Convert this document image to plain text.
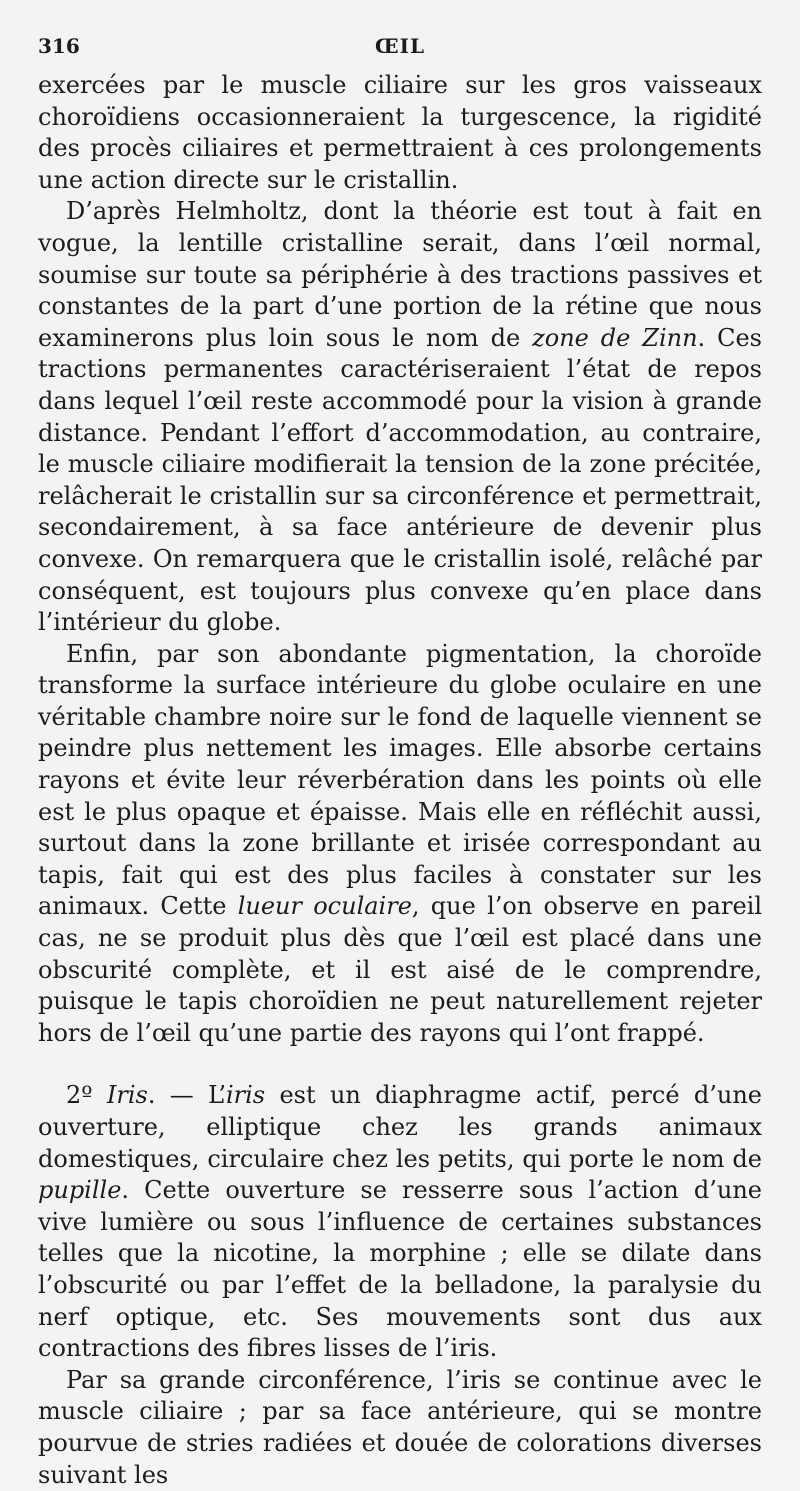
316	ŒIL

exercées par le muscle ciliaire sur les gros vaisseaux choroïdiens occasionneraient la turgescence, la rigidité des procès ciliaires et permettraient à ces prolongements une action directe sur le cristallin.

D’après Helmholtz, dont la théorie est tout à fait en vogue, la lentille cristalline serait, dans l’œil normal, soumise sur toute sa périphérie à des tractions passives et constantes de la part d’une portion de la rétine que nous examinerons plus loin sous le nom de zone de Zinn. Ces tractions permanentes caractériseraient l’état de repos dans lequel l’œil reste accommodé pour la vision à grande distance. Pendant l’effort d’accommodation, au contraire, le muscle ciliaire modifierait la tension de la zone précitée, relâcherait le cristallin sur sa circonférence et permettrait, secondairement, à sa face antérieure de devenir plus convexe. On remarquera que le cristallin isolé, relâché par conséquent, est toujours plus convexe qu’en place dans l’intérieur du globe.

Enfin, par son abondante pigmentation, la choroïde transforme la surface intérieure du globe oculaire en une véritable chambre noire sur le fond de laquelle viennent se peindre plus nettement les images. Elle absorbe certains rayons et évite leur réverbération dans les points où elle est le plus opaque et épaisse. Mais elle en réfléchit aussi, surtout dans la zone brillante et irisée correspondant au tapis, fait qui est des plus faciles à constater sur les animaux. Cette lueur oculaire, que l’on observe en pareil cas, ne se produit plus dès que l’œil est placé dans une obscurité complète, et il est aisé de le comprendre, puisque le tapis choroïdien ne peut naturellement rejeter hors de l’œil qu’une partie des rayons qui l’ont frappé.

2º Iris. — L’iris est un diaphragme actif, percé d’une ouverture, elliptique chez les grands animaux domestiques, circulaire chez les petits, qui porte le nom de pupille. Cette ouverture se resserre sous l’action d’une vive lumière ou sous l’influence de certaines substances telles que la nicotine, la morphine ; elle se dilate dans l’obscurité ou par l’effet de la belladone, la paralysie du nerf optique, etc. Ses mouvements sont dus aux contractions des fibres lisses de l’iris.

Par sa grande circonférence, l’iris se continue avec le muscle ciliaire ; par sa face antérieure, qui se montre pourvue de stries radiées et douée de colorations diverses suivant les
